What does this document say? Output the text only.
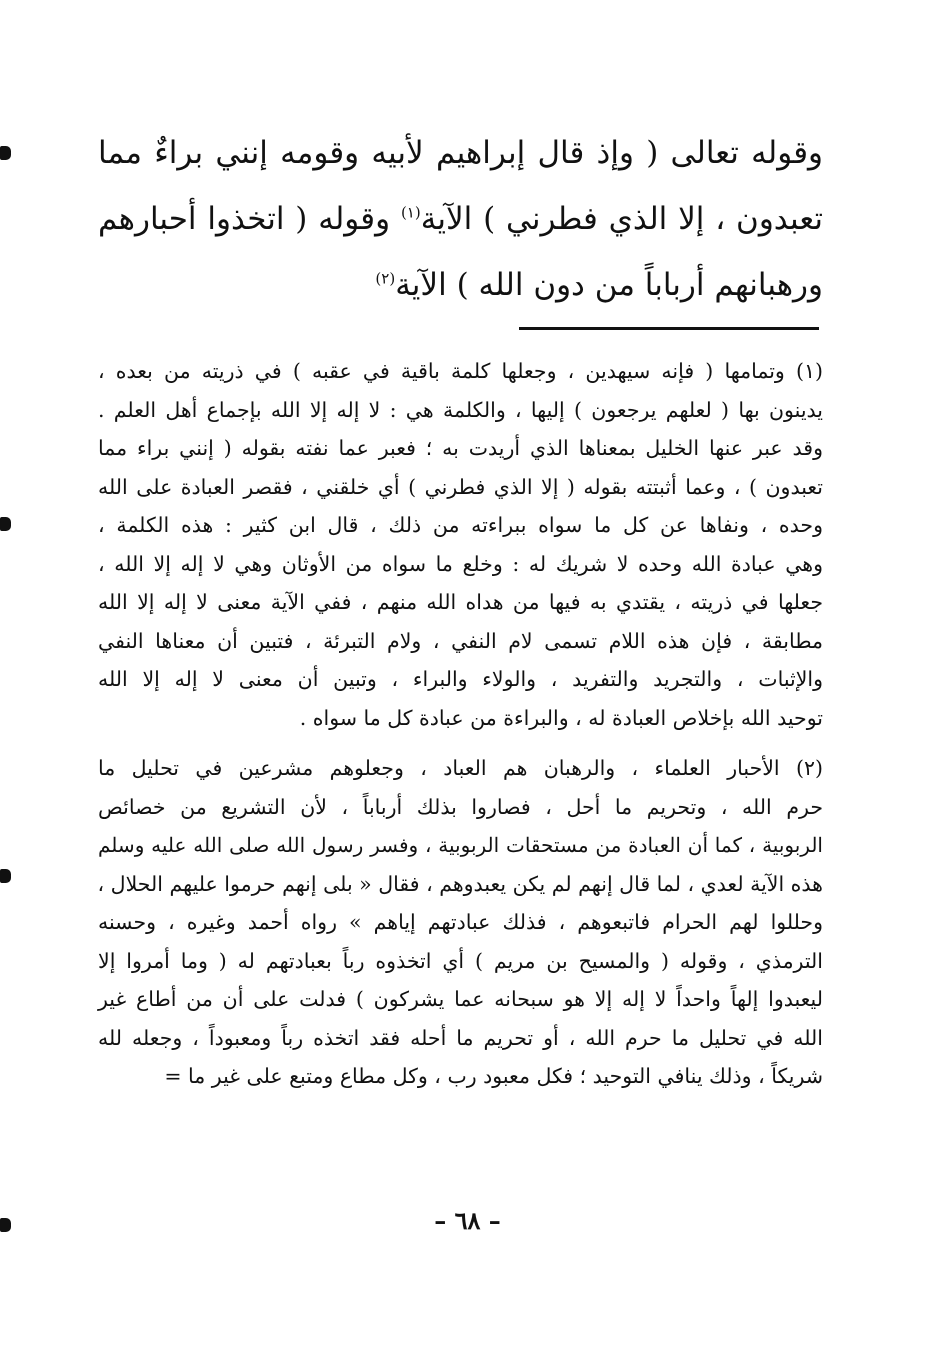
وقوله تعالى ( وإذ قال إبراهيم لأبيه وقومه إنني براءٌ مما
تعبدون ، إلا الذي فطرني ) الآية$^{(١)}$ وقوله ( اتخذوا أحبارهم
ورهبانهم أرباباً من دون الله ) الآية$^{(٢)}$

(١) وتمامها ( فإنه سيهدين ، وجعلها كلمة باقية في عقبه ) في ذريته من بعده ،
يدينون بها ( لعلهم يرجعون ) إليها ، والكلمة هي : لا إله إلا الله بإجماع أهل العلم .
وقد عبر عنها الخليل بمعناها الذي أريدت به ؛ فعبر عما نفته بقوله ( إنني براء مما
تعبدون ) ، وعما أثبتته بقوله ( إلا الذي فطرني ) أي خلقني ، فقصر العبادة على الله
وحده ، ونفاها عن كل ما سواه ببراءته من ذلك ، قال ابن كثير : هذه الكلمة ،
وهي عبادة الله وحده لا شريك له : وخلع ما سواه من الأوثان وهي لا إله إلا الله ،
جعلها في ذريته ، يقتدي به فيها من هداه الله منهم ، ففي الآية معنى لا إله إلا الله
مطابقة ، فإن هذه اللام تسمى لام النفي ، ولام التبرئة ، فتبين أن معناها النفي
والإثبات ، والتجريد والتفريد ، والولاء والبراء ، وتبين أن معنى لا إله إلا الله
توحيد الله بإخلاص العبادة له ، والبراءة من عبادة كل ما سواه .
(٢) الأحبار العلماء ، والرهبان هم العباد ، وجعلوهم مشرعين في تحليل ما
حرم الله ، وتحريم ما أحل ، فصاروا بذلك أرباباً ، لأن التشريع من خصائص
الربوبية ، كما أن العبادة من مستحقات الربوبية ، وفسر رسول الله صلى الله عليه وسلم
هذه الآية لعدي ، لما قال إنهم لم يكن يعبدوهم ، فقال « بلى إنهم حرموا عليهم الحلال ،
وحللوا لهم الحرام فاتبعوهم ، فذلك عبادتهم إياهم » رواه أحمد وغيره ، وحسنه
الترمذي ، وقوله ( والمسيح بن مريم ) أي اتخذوه رباً بعبادتهم له ( وما أمروا إلا
ليعبدوا إلهاً واحداً لا إله إلا هو سبحانه عما يشركون ) فدلت على أن من أطاع غير
الله في تحليل ما حرم الله ، أو تحريم ما أحله فقد اتخذه رباً ومعبوداً ، وجعله لله
شريكاً ، وذلك ينافي التوحيد ؛ فكل معبود رب ، وكل مطاع ومتبع على غير ما =
– ٦٨ –
